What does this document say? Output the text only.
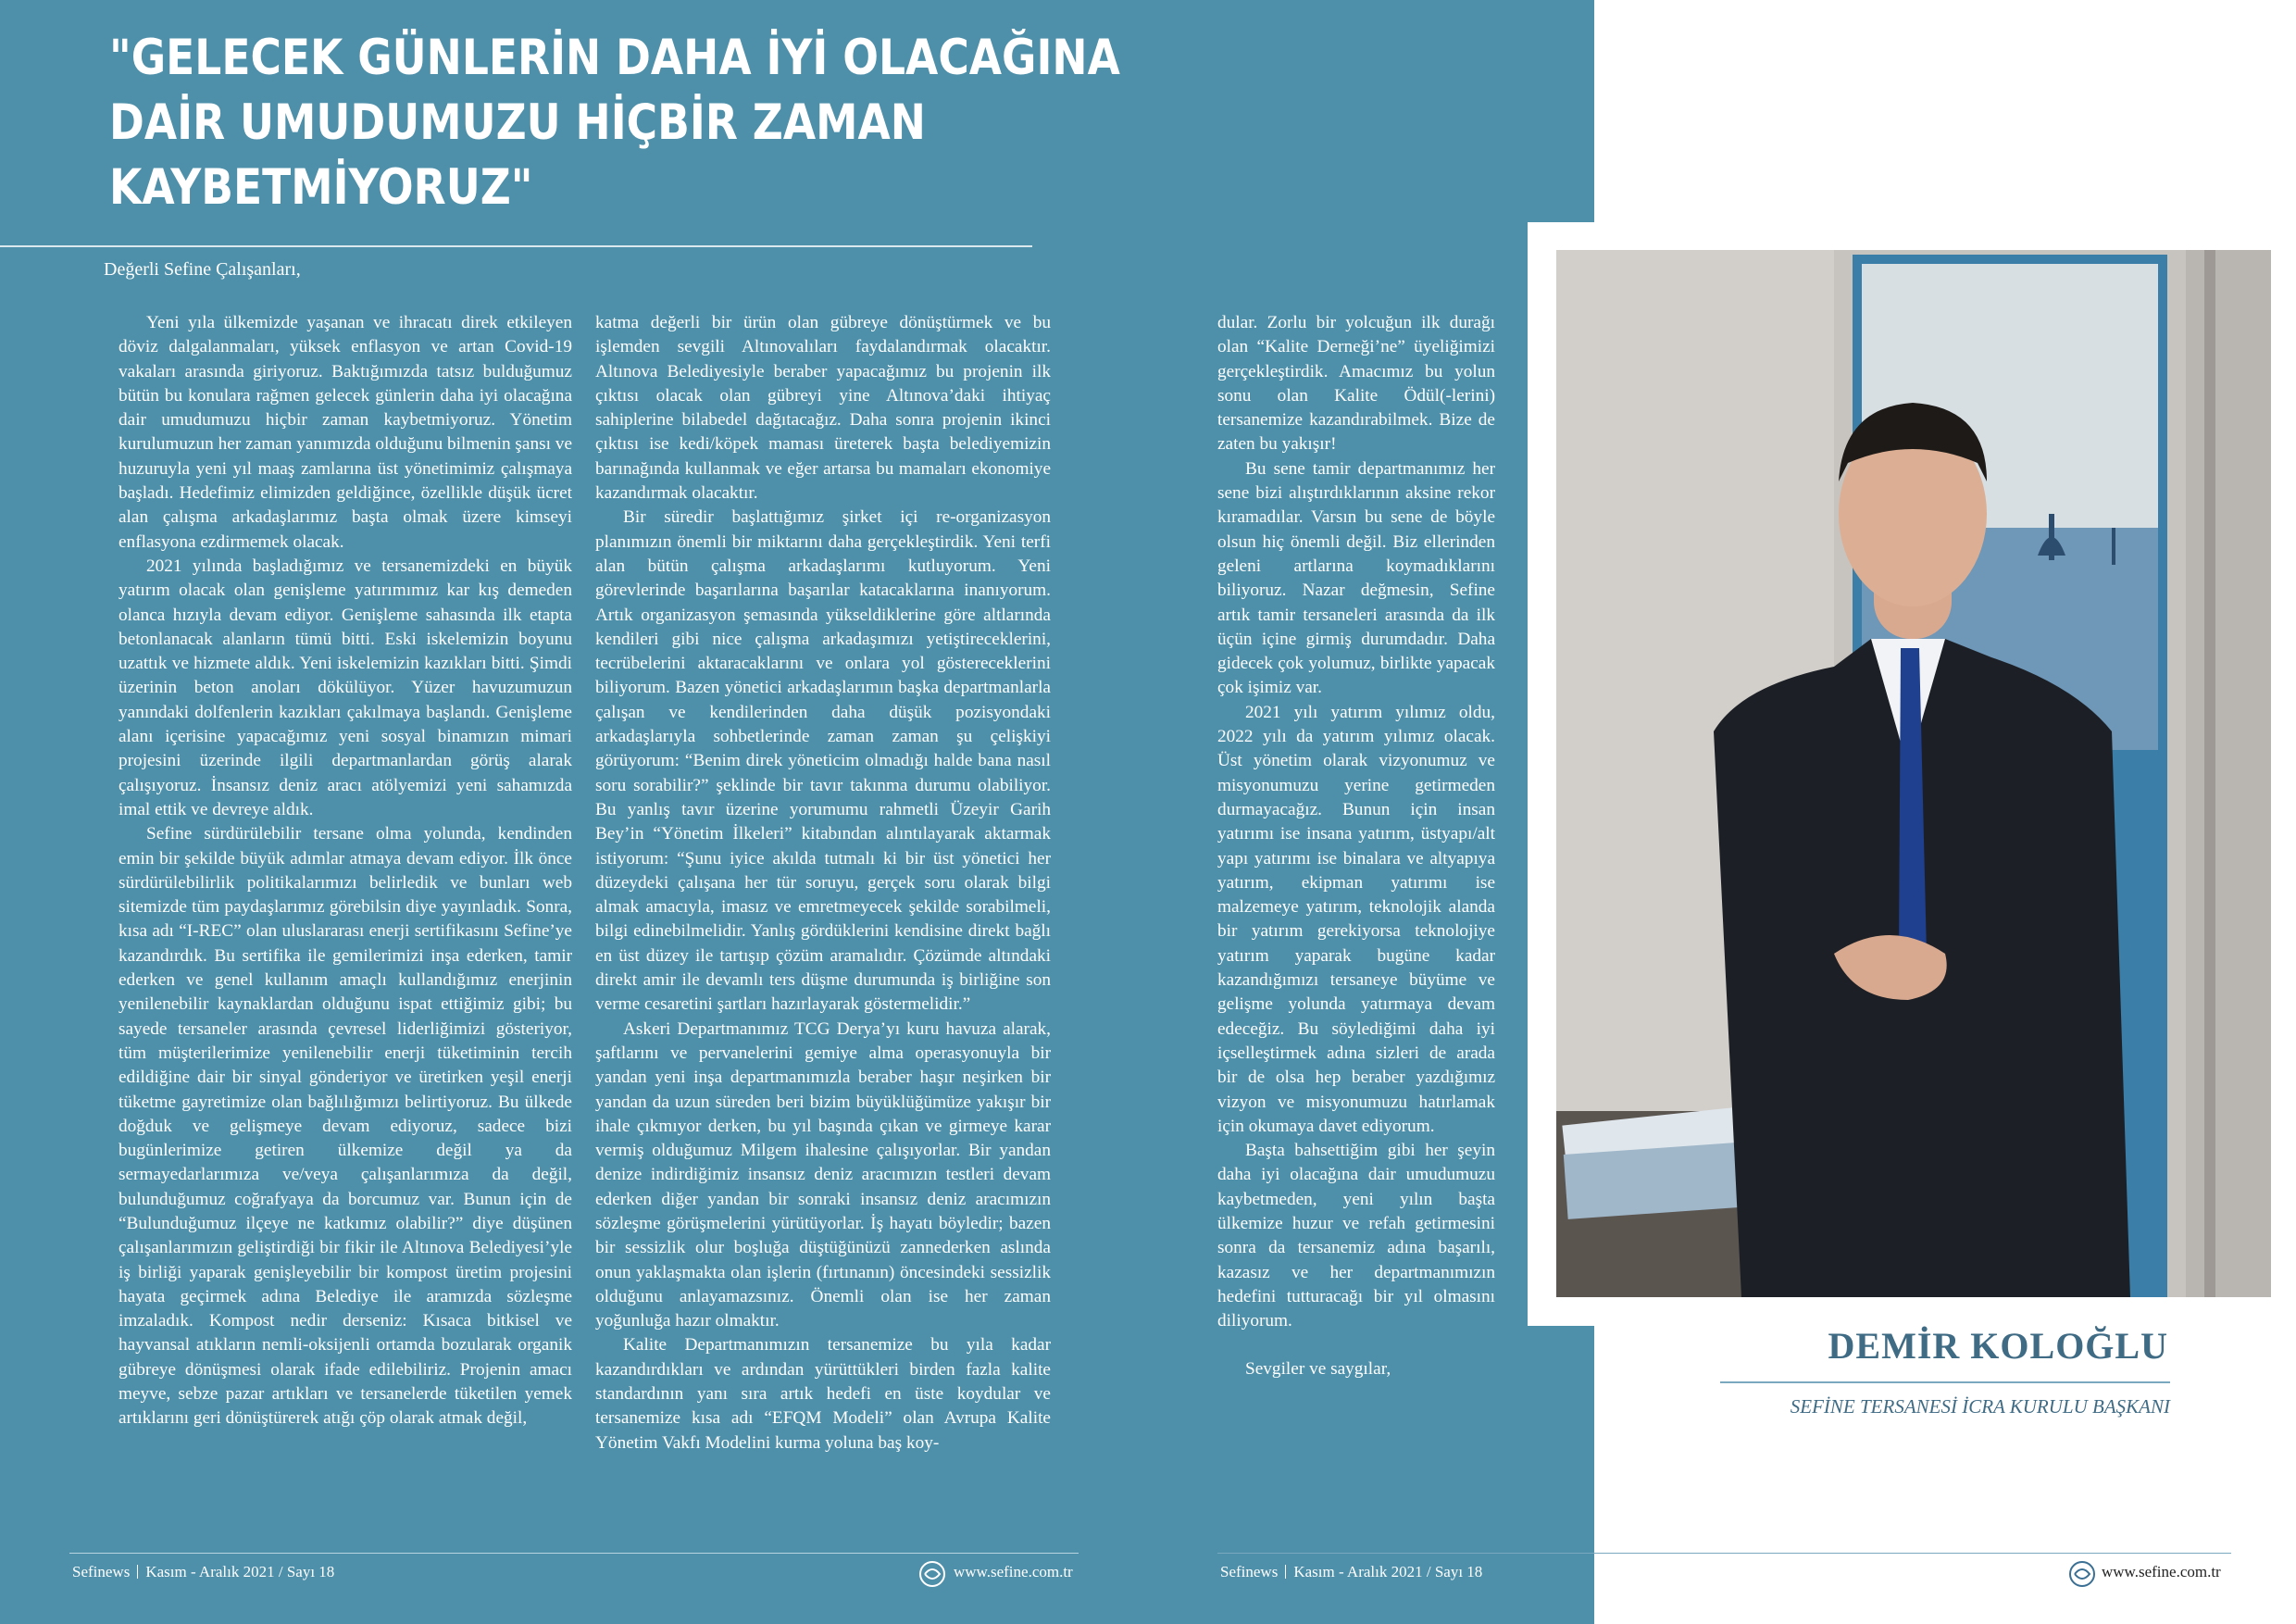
"GELECEK GÜNLERİN DAHA İYİ OLACAĞINA
DAİR UMUDUMUZU HİÇBİR ZAMAN
KAYBETMİYORUZ"
Değerli Sefine Çalışanları,

Yeni yıla ülkemizde yaşanan ve ihracatı direk etkileyen döviz dalgalanmaları, yüksek enflasyon ve artan Covid-19 vakaları arasında giriyoruz. Baktığımızda tatsız bulduğumuz bütün bu konulara rağmen gelecek günlerin daha iyi olacağına dair umudumuzu hiçbir zaman kaybetmiyoruz. Yönetim kurulumuzun her zaman yanımızda olduğunu bilmenin şansı ve huzuruyla yeni yıl maaş zamlarına üst yönetimimiz çalışmaya başladı. Hedefimiz elimizden geldiğince, özellikle düşük ücret alan çalışma arkadaşlarımız başta olmak üzere kimseyi enflasyona ezdirmemek olacak.

2021 yılında başladığımız ve tersanemizdeki en büyük yatırım olacak olan genişleme yatırımımız kar kış demeden olanca hızıyla devam ediyor. Genişleme sahasında ilk etapta betonlanacak alanların tümü bitti. Eski iskelemizin boyunu uzattık ve hizmete aldık. Yeni iskelemizin kazıkları bitti. Şimdi üzerinin beton anoları dökülüyor. Yüzer havuzumuzun yanındaki dolfenlerin kazıkları çakılmaya başlandı. Genişleme alanı içerisine yapacağımız yeni sosyal binamızın mimari projesini üzerinde ilgili departmanlardan görüş alarak çalışıyoruz. İnsansız deniz aracı atölyemizi yeni sahamızda imal ettik ve devreye aldık.

Sefine sürdürülebilir tersane olma yolunda, kendinden emin bir şekilde büyük adımlar atmaya devam ediyor. İlk önce sürdürülebilirlik politikalarımızı belirledik ve bunları web sitemizde tüm paydaşlarımız görebilsin diye yayınladık. Sonra, kısa adı “I-REC” olan uluslararası enerji sertifikasını Sefine’ye kazandırdık. Bu sertifika ile gemilerimizi inşa ederken, tamir ederken ve genel kullanım amaçlı kullandığımız enerjinin yenilenebilir kaynaklardan olduğunu ispat ettiğimiz gibi; bu sayede tersaneler arasında çevresel liderliğimizi gösteriyor, tüm müşterilerimize yenilenebilir enerji tüketiminin tercih edildiğine dair bir sinyal gönderiyor ve üretirken yeşil enerji tüketme gayretimize olan bağlılığımızı belirtiyoruz. Bu ülkede doğduk ve gelişmeye devam ediyoruz, sadece bizi bugünlerimize getiren ülkemize değil ya da sermayedarlarımıza ve/veya çalışanlarımıza da değil, bulunduğumuz coğrafyaya da borcumuz var. Bunun için de “Bulunduğumuz ilçeye ne katkımız olabilir?” diye düşünen çalışanlarımızın geliştirdiği bir fikir ile Altınova Belediyesi’yle iş birliği yaparak genişleyebilir bir kompost üretim projesini hayata geçirmek adına Belediye ile aramızda sözleşme imzaladık. Kompost nedir derseniz: Kısaca bitkisel ve hayvansal atıkların nemli-oksijenli ortamda bozularak organik gübreye dönüşmesi olarak ifade edilebiliriz. Projenin amacı meyve, sebze pazar artıkları ve tersanelerde tüketilen yemek artıklarını geri dönüştürerek atığı çöp olarak atmak değil,

katma değerli bir ürün olan gübreye dönüştürmek ve bu işlemden sevgili Altınovalıları faydalandırmak olacaktır. Altınova Belediyesiyle beraber yapacağımız bu projenin ilk çıktısı olacak olan gübreyi yine Altınova’daki ihtiyaç sahiplerine bilabedel dağıtacağız. Daha sonra projenin ikinci çıktısı ise kedi/köpek maması üreterek başta belediyemizin barınağında kullanmak ve eğer artarsa bu mamaları ekonomiye kazandırmak olacaktır.

Bir süredir başlattığımız şirket içi re-organizasyon planımızın önemli bir miktarını daha gerçekleştirdik. Yeni terfi alan bütün çalışma arkadaşlarımı kutluyorum. Yeni görevlerinde başarılarına başarılar katacaklarına inanıyorum. Artık organizasyon şemasında yükseldiklerine göre altlarında kendileri gibi nice çalışma arkadaşımızı yetiştireceklerini, tecrübelerini aktaracaklarını ve onlara yol göstereceklerini biliyorum. Bazen yönetici arkadaşlarımın başka departmanlarla çalışan ve kendilerinden daha düşük pozisyondaki arkadaşlarıyla sohbetlerinde zaman zaman şu çelişkiyi görüyorum: “Benim direk yöneticim olmadığı halde bana nasıl soru sorabilir?” şeklinde bir tavır takınma durumu olabiliyor. Bu yanlış tavır üzerine yorumumu rahmetli Üzeyir Garih Bey’in “Yönetim İlkeleri” kitabından alıntılayarak aktarmak istiyorum: “Şunu iyice akılda tutmalı ki bir üst yönetici her düzeydeki çalışana her tür soruyu, gerçek soru olarak bilgi almak amacıyla, imasız ve emretmeyecek şekilde sorabilmeli, bilgi edinebilmelidir. Yanlış gördüklerini kendisine direkt bağlı en üst düzey ile tartışıp çözüm aramalıdır. Çözümde altındaki direkt amir ile devamlı ters düşme durumunda iş birliğine son verme cesaretini şartları hazırlayarak göstermelidir.”

Askeri Departmanımız TCG Derya’yı kuru havuza alarak, şaftlarını ve pervanelerini gemiye alma operasyonuyla bir yandan yeni inşa departmanımızla beraber haşır neşirken bir yandan da uzun süreden beri bizim büyüklüğümüze yakışır bir ihale çıkmıyor derken, bu yıl başında çıkan ve girmeye karar vermiş olduğumuz Milgem ihalesine çalışıyorlar. Bir yandan denize indirdiğimiz insansız deniz aracımızın testleri devam ederken diğer yandan bir sonraki insansız deniz aracımızın sözleşme görüşmelerini yürütüyorlar. İş hayatı böyledir; bazen bir sessizlik olur boşluğa düştüğünüzü zannederken aslında onun yaklaşmakta olan işlerin (fırtınanın) öncesindeki sessizlik olduğunu anlayamazsınız. Önemli olan ise her zaman yoğunluğa hazır olmaktır.

Kalite Departmanımızın tersanemize bu yıla kadar kazandırdıkları ve ardından yürüttükleri birden fazla kalite standardının yanı sıra artık hedefi en üste koydular ve tersanemize kısa adı “EFQM Modeli” olan Avrupa Kalite Yönetim Vakfı Modelini kurma yoluna baş koy-

dular. Zorlu bir yolcuğun ilk durağı olan “Kalite Derneği’ne” üyeliğimizi gerçekleştirdik. Amacımız bu yolun sonu olan Kalite Ödül(-lerini) tersanemize kazandırabilmek. Bize de zaten bu yakışır!

Bu sene tamir departmanımız her sene bizi alıştırdıklarının aksine rekor kıramadılar. Varsın bu sene de böyle olsun hiç önemli değil. Biz ellerinden geleni artlarına koymadıklarını biliyoruz. Nazar değmesin, Sefine artık tamir tersaneleri arasında da ilk üçün içine girmiş durumdadır. Daha gidecek çok yolumuz, birlikte yapacak çok işimiz var.

2021 yılı yatırım yılımız oldu, 2022 yılı da yatırım yılımız olacak. Üst yönetim olarak vizyonumuz ve misyonumuzu yerine getirmeden durmayacağız. Bunun için insan yatırımı ise insana yatırım, üstyapı/alt yapı yatırımı ise binalara ve altyapıya yatırım, ekipman yatırımı ise malzemeye yatırım, teknolojik alanda bir yatırım gerekiyorsa teknolojiye yatırım yaparak bugüne kadar kazandığımızı tersaneye büyüme ve gelişme yolunda yatırmaya devam edeceğiz. Bu söylediğimi daha iyi içselleştirmek adına sizleri de arada bir de olsa hep beraber yazdığımız vizyon ve misyonumuzu hatırlamak için okumaya davet ediyorum.

Başta bahsettiğim gibi her şeyin daha iyi olacağına dair umudumuzu kaybetmeden, yeni yılın başta ülkemize huzur ve refah getirmesini sonra da tersanemiz adına başarılı, kazasız ve her departmanımızın hedefini tutturacağı bir yıl olmasını diliyorum.

Sevgiler ve saygılar,

DEMİR KOLOĞLU
SEFİNE TERSANESİ İCRA KURULU BAŞKANI
Sefinews Kasım - Aralık 2021 / Sayı 18	Sefinews Kasım - Aralık 2021 / Sayı 18
www.sefine.com.tr	www.sefine.com.tr
